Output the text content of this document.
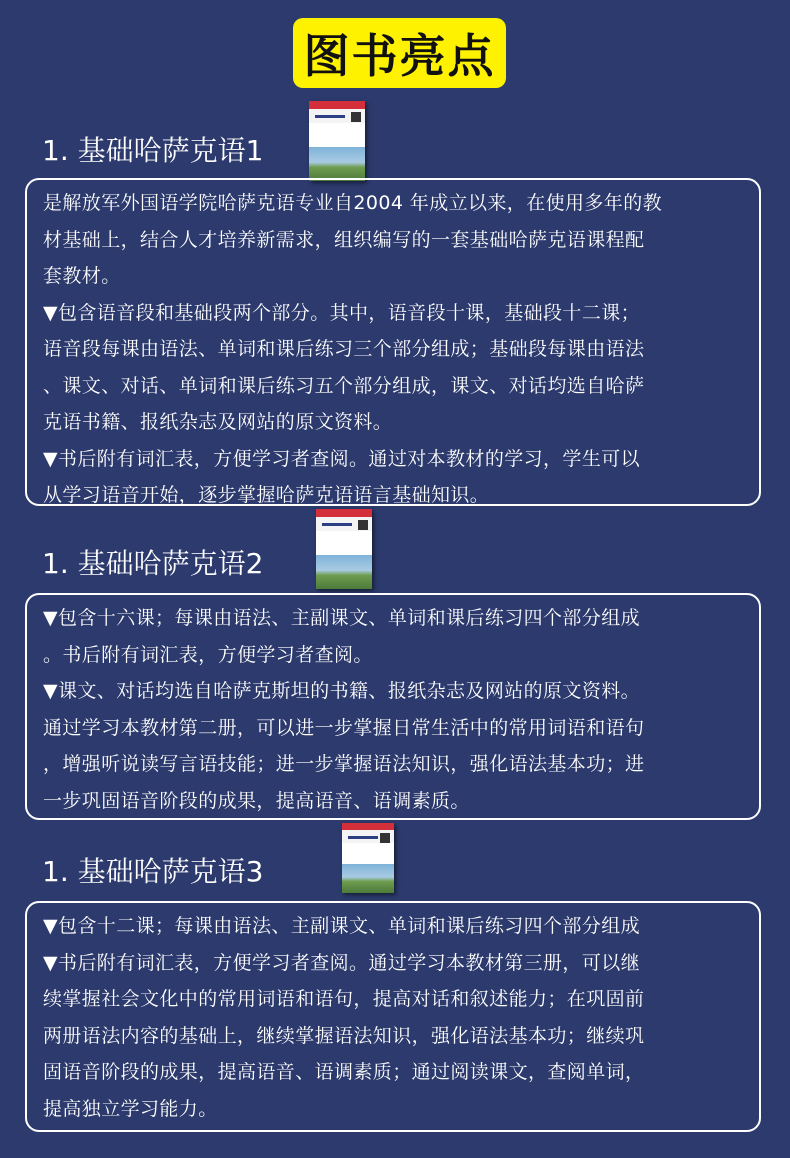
图书亮点
1. 基础哈萨克语1

是解放军外国语学院哈萨克语专业自2004 年成立以来，在使用多年的教

材基础上，结合人才培养新需求，组织编写的一套基础哈萨克语课程配

套教材。

▼包含语音段和基础段两个部分。其中，语音段十课，基础段十二课；

语音段每课由语法、单词和课后练习三个部分组成；基础段每课由语法

、课文、对话、单词和课后练习五个部分组成，课文、对话均选自哈萨

克语书籍、报纸杂志及网站的原文资料。

▼书后附有词汇表，方便学习者查阅。通过对本教材的学习，学生可以

从学习语音开始，逐步掌握哈萨克语语言基础知识。

1. 基础哈萨克语2

▼包含十六课；每课由语法、主副课文、单词和课后练习四个部分组成

。书后附有词汇表，方便学习者查阅。

▼课文、对话均选自哈萨克斯坦的书籍、报纸杂志及网站的原文资料。

通过学习本教材第二册，可以进一步掌握日常生活中的常用词语和语句

，增强听说读写言语技能；进一步掌握语法知识，强化语法基本功；进

一步巩固语音阶段的成果，提高语音、语调素质。

1. 基础哈萨克语3

▼包含十二课；每课由语法、主副课文、单词和课后练习四个部分组成

▼书后附有词汇表，方便学习者查阅。通过学习本教材第三册，可以继

续掌握社会文化中的常用词语和语句，提高对话和叙述能力；在巩固前

两册语法内容的基础上，继续掌握语法知识，强化语法基本功；继续巩

固语音阶段的成果，提高语音、语调素质；通过阅读课文，查阅单词，

提高独立学习能力。
